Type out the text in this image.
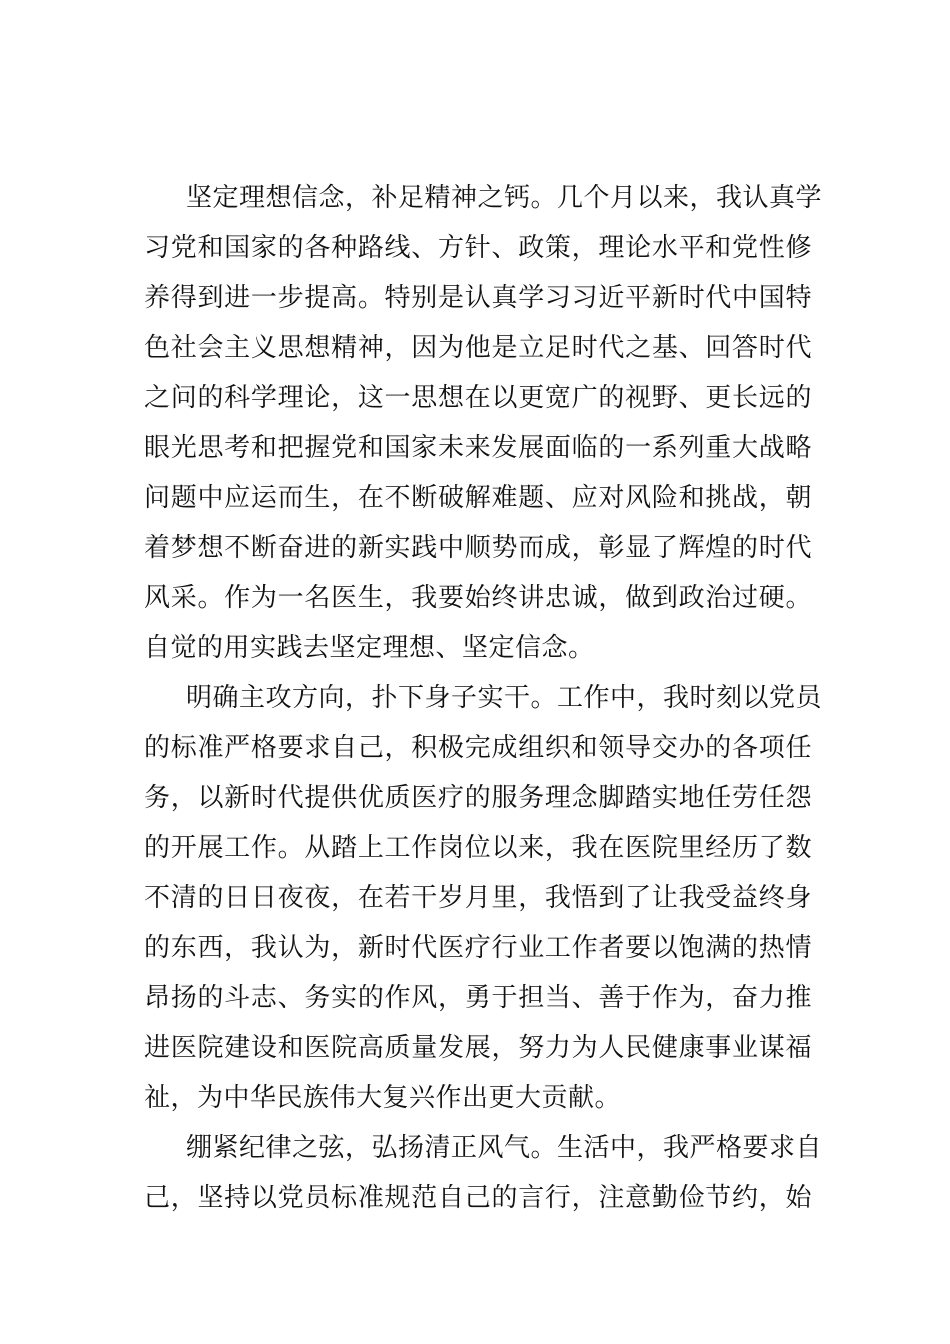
坚定理想信念，补足精神之钙。几个月以来，我认真学
习党和国家的各种路线、方针、政策，理论水平和党性修
养得到进一步提高。特别是认真学习习近平新时代中国特
色社会主义思想精神，因为他是立足时代之基、回答时代
之问的科学理论，这一思想在以更宽广的视野、更长远的
眼光思考和把握党和国家未来发展面临的一系列重大战略
问题中应运而生，在不断破解难题、应对风险和挑战，朝
着梦想不断奋进的新实践中顺势而成，彰显了辉煌的时代
风采。作为一名医生，我要始终讲忠诚，做到政治过硬。
自觉的用实践去坚定理想、坚定信念。
明确主攻方向，扑下身子实干。工作中，我时刻以党员
的标准严格要求自己，积极完成组织和领导交办的各项任
务，以新时代提供优质医疗的服务理念脚踏实地任劳任怨
的开展工作。从踏上工作岗位以来，我在医院里经历了数
不清的日日夜夜，在若干岁月里，我悟到了让我受益终身
的东西，我认为，新时代医疗行业工作者要以饱满的热情
昂扬的斗志、务实的作风，勇于担当、善于作为，奋力推
进医院建设和医院高质量发展，努力为人民健康事业谋福
祉，为中华民族伟大复兴作出更大贡献。
绷紧纪律之弦，弘扬清正风气。生活中，我严格要求自
己，坚持以党员标准规范自己的言行，注意勤俭节约，始
